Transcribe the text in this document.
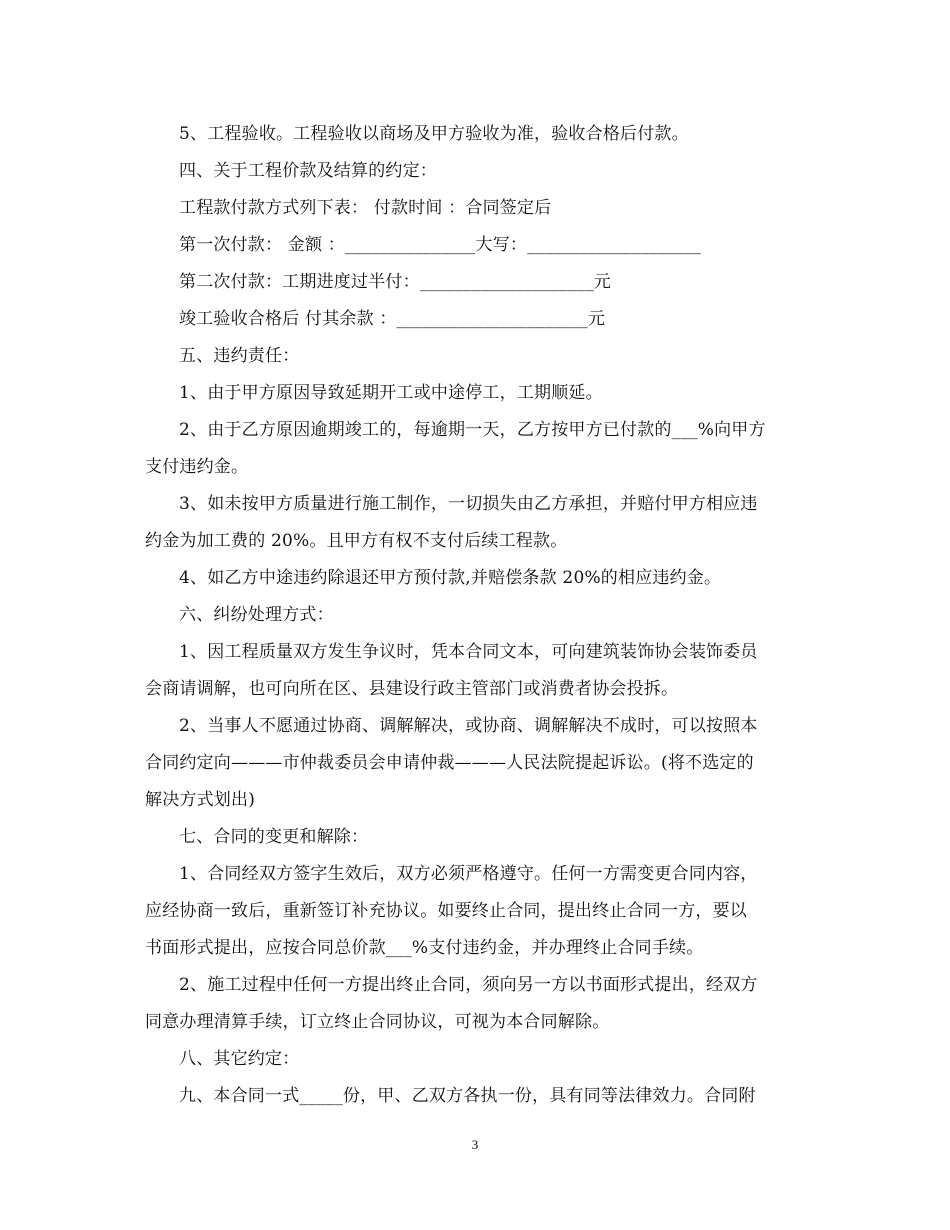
5、工程验收。工程验收以商场及甲方验收为准，验收合格后付款。
四、关于工程价款及结算的约定：
工程款付款方式列下表： 付款时间 ：合同签定后
第一次付款： 金额 ：_______________大写：____________________
第二次付款：工期进度过半付：____________________元
竣工验收合格后 付其余款 ：______________________元
五、违约责任：
1、由于甲方原因导致延期开工或中途停工，工期顺延。
2、由于乙方原因逾期竣工的，每逾期一天，乙方按甲方已付款的___%向甲方
支付违约金。
3、如未按甲方质量进行施工制作，一切损失由乙方承担，并赔付甲方相应违
约金为加工费的 20%。且甲方有权不支付后续工程款。
4、如乙方中途违约除退还甲方预付款,并赔偿条款 20%的相应违约金。
六、纠纷处理方式：
1、因工程质量双方发生争议时，凭本合同文本，可向建筑装饰协会装饰委员
会商请调解，也可向所在区、县建设行政主管部门或消费者协会投拆。
2、当事人不愿通过协商、调解解决，或协商、调解解决不成时，可以按照本
合同约定向———市仲裁委员会申请仲裁———人民法院提起诉讼。(将不选定的
解决方式划出)
七、合同的变更和解除：
1、合同经双方签字生效后，双方必须严格遵守。任何一方需变更合同内容，
应经协商一致后，重新签订补充协议。如要终止合同，提出终止合同一方，要以
书面形式提出，应按合同总价款___%支付违约金，并办理终止合同手续。
2、施工过程中任何一方提出终止合同，须向另一方以书面形式提出，经双方
同意办理清算手续，订立终止合同协议，可视为本合同解除。
八、其它约定：
九、本合同一式_____份，甲、乙双方各执一份，具有同等法律效力。合同附
3
